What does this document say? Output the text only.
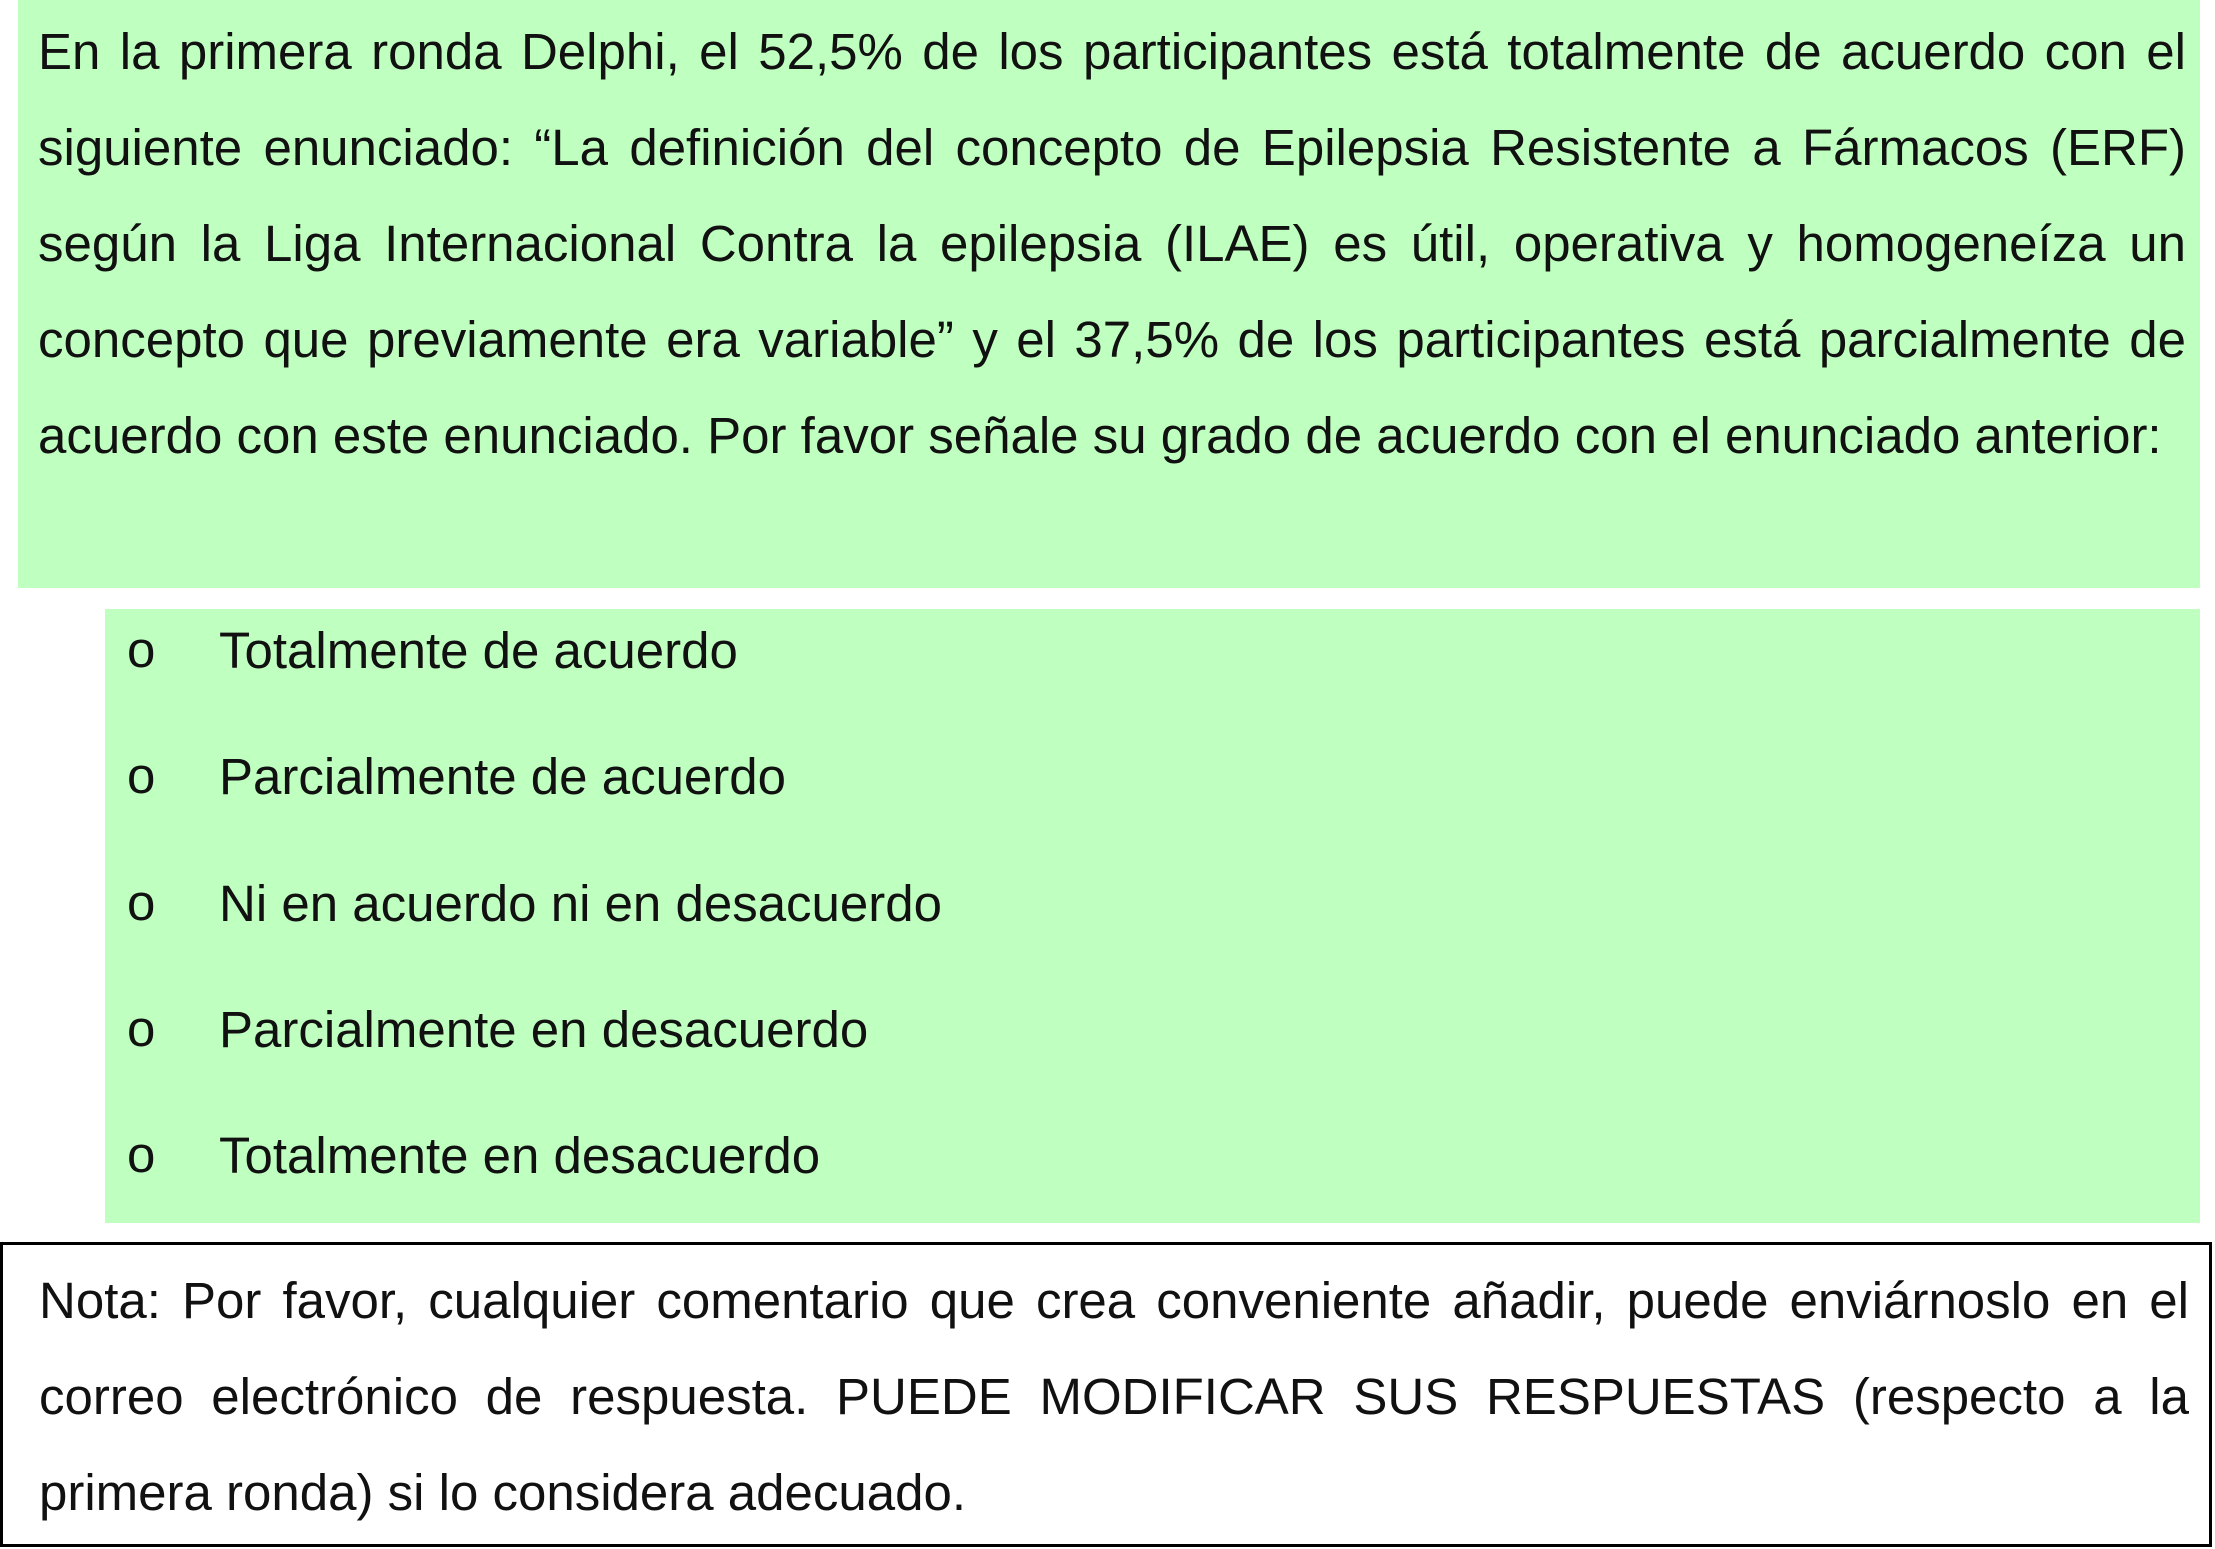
En la primera ronda Delphi, el 52,5% de los participantes está totalmente de acuerdo con el siguiente enunciado: “La definición del concepto de Epilepsia Resistente a Fármacos (ERF) según la Liga Internacional Contra la epilepsia (ILAE) es útil, operativa y homogeneíza un concepto que previamente era variable” y el 37,5% de los participantes está parcialmente de acuerdo con este enunciado. Por favor señale su grado de acuerdo con el enunciado anterior:

o Totalmente de acuerdo
o Parcialmente de acuerdo
o Ni en acuerdo ni en desacuerdo
o Parcialmente en desacuerdo
o Totalmente en desacuerdo

Nota: Por favor, cualquier comentario que crea conveniente añadir, puede enviárnoslo en el correo electrónico de respuesta. PUEDE MODIFICAR SUS RESPUESTAS (respecto a la primera ronda) si lo considera adecuado.
